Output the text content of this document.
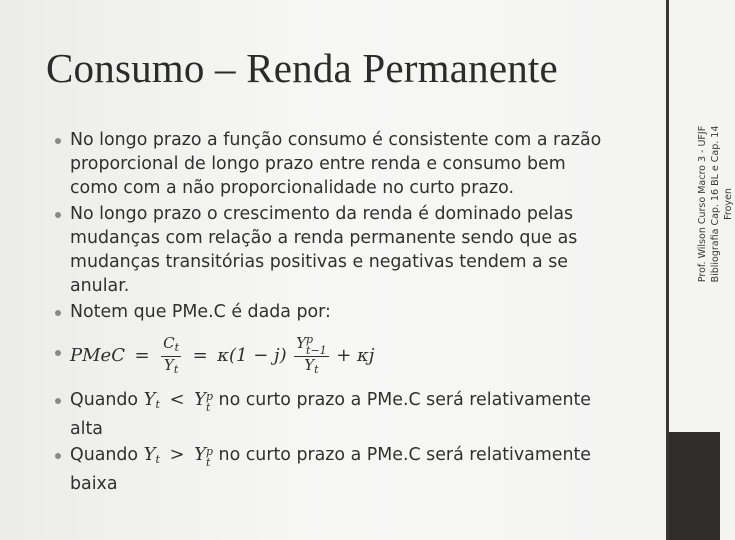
Consumo – Renda Permanente
No longo prazo a função consumo é consistente com a razão proporcional de longo prazo entre renda e consumo bem como com a não proporcionalidade no curto prazo.
No longo prazo o crescimento da renda é dominado pelas mudanças com relação a renda permanente sendo que as mudanças transitórias positivas e negativas tendem a se anular.
Notem que PMe.C é dada por:
PMeC = $\frac{C_t}{Y_t} = \kappa(1 - j)$ Y p
t−1
$Y_t + \kappa j$
Quando $Y_t < Y$ p
t no curto prazo a PMe.C será relativamente alta
Quando $Y_t > Y$ p
t no curto prazo a PMe.C será relativamente baixa
Prof. Wilson Curso Macro 3 - UFJF Bibliografia Cap. 16 BL e Cap. 14 Froyen
